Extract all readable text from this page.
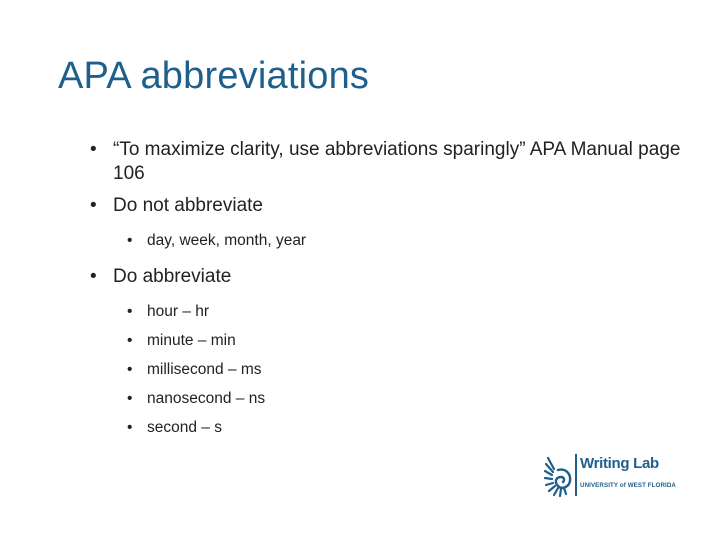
APA abbreviations
• “To maximize clarity, use abbreviations sparingly” APA Manual page 106
• Do not abbreviate
• day, week, month, year
• Do abbreviate
• hour – hr
• minute – min
• millisecond – ms
• nanosecond – ns
• second – s
Writing Lab
UNIVERSITY of WEST FLORIDA
